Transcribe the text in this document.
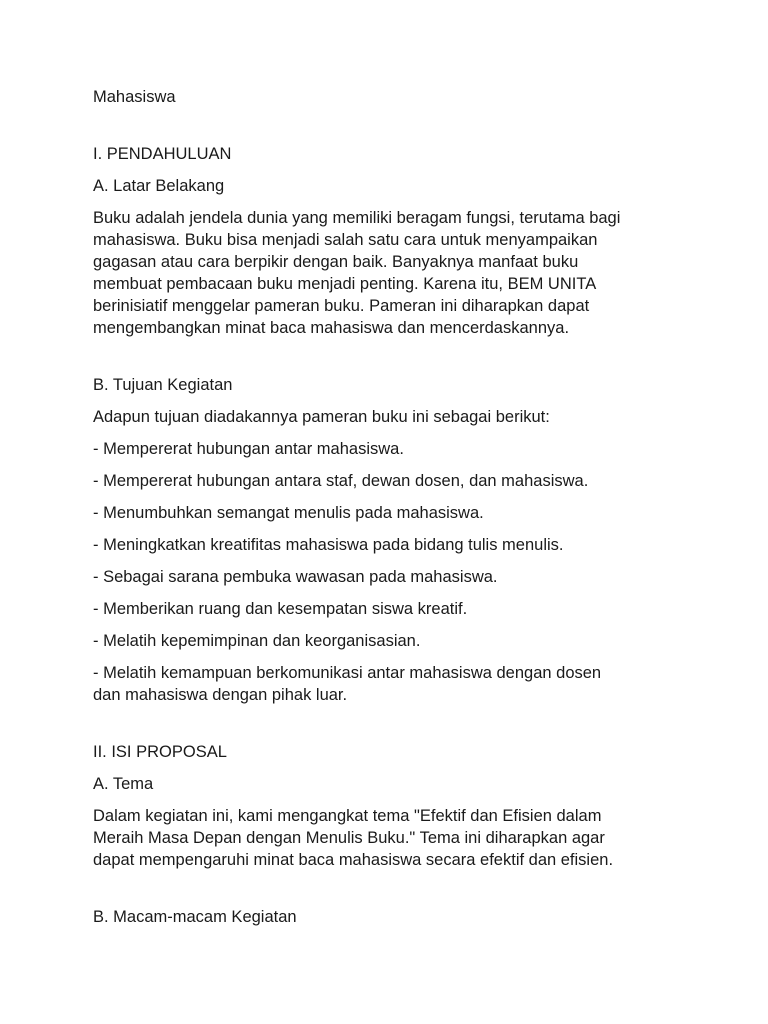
Mahasiswa
I. PENDAHULUAN
A. Latar Belakang
Buku adalah jendela dunia yang memiliki beragam fungsi, terutama bagi
mahasiswa. Buku bisa menjadi salah satu cara untuk menyampaikan
gagasan atau cara berpikir dengan baik. Banyaknya manfaat buku
membuat pembacaan buku menjadi penting. Karena itu, BEM UNITA
berinisiatif menggelar pameran buku. Pameran ini diharapkan dapat
mengembangkan minat baca mahasiswa dan mencerdaskannya.
B. Tujuan Kegiatan
Adapun tujuan diadakannya pameran buku ini sebagai berikut:
- Mempererat hubungan antar mahasiswa.
- Mempererat hubungan antara staf, dewan dosen, dan mahasiswa.
- Menumbuhkan semangat menulis pada mahasiswa.
- Meningkatkan kreatifitas mahasiswa pada bidang tulis menulis.
- Sebagai sarana pembuka wawasan pada mahasiswa.
- Memberikan ruang dan kesempatan siswa kreatif.
- Melatih kepemimpinan dan keorganisasian.
- Melatih kemampuan berkomunikasi antar mahasiswa dengan dosen
dan mahasiswa dengan pihak luar.
II. ISI PROPOSAL
A. Tema
Dalam kegiatan ini, kami mengangkat tema "Efektif dan Efisien dalam
Meraih Masa Depan dengan Menulis Buku." Tema ini diharapkan agar
dapat mempengaruhi minat baca mahasiswa secara efektif dan efisien.
B. Macam-macam Kegiatan
